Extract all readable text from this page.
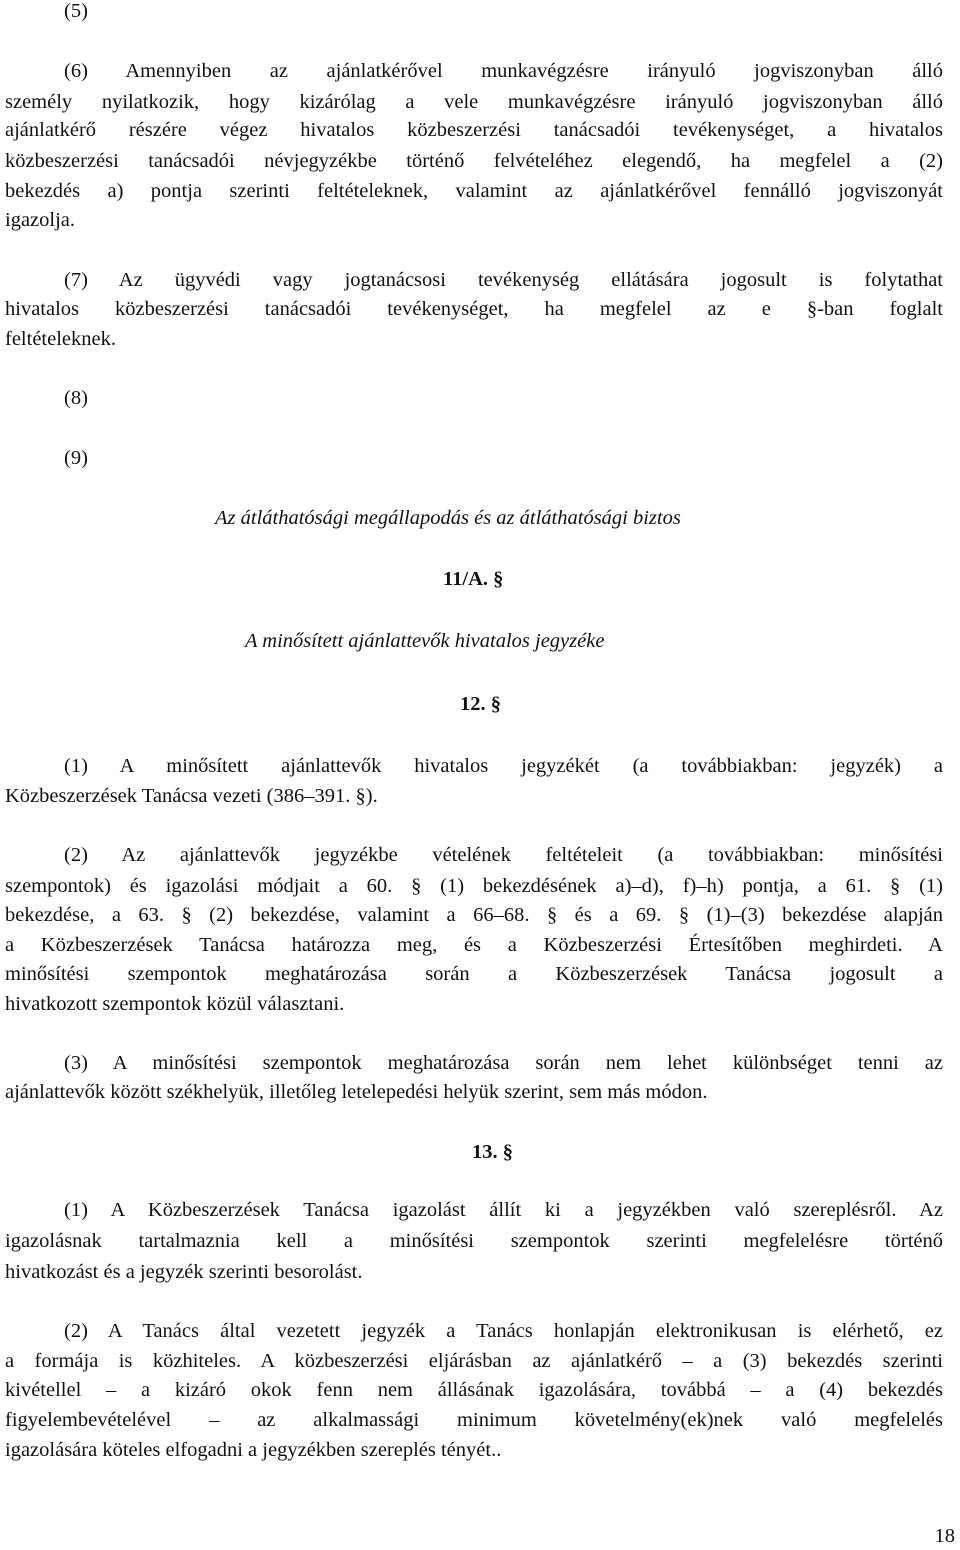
(5)
(6) Amennyiben az ajánlatkérővel munkavégzésre irányuló jogviszonyban álló
személy nyilatkozik, hogy kizárólag a vele munkavégzésre irányuló jogviszonyban álló
ajánlatkérő részére végez hivatalos közbeszerzési tanácsadói tevékenységet, a hivatalos
közbeszerzési tanácsadói névjegyzékbe történő felvételéhez elegendő, ha megfelel a (2)
bekezdés a) pontja szerinti feltételeknek, valamint az ajánlatkérővel fennálló jogviszonyát
igazolja.
(7) Az ügyvédi vagy jogtanácsosi tevékenység ellátására jogosult is folytathat
hivatalos közbeszerzési tanácsadói tevékenységet, ha megfelel az e §-ban foglalt
feltételeknek.
(8)
(9)
Az átláthatósági megállapodás és az átláthatósági biztos
11/A. §
A minősített ajánlattevők hivatalos jegyzéke
12. §
(1) A minősített ajánlattevők hivatalos jegyzékét (a továbbiakban: jegyzék) a
Közbeszerzések Tanácsa vezeti (386–391. §).
(2) Az ajánlattevők jegyzékbe vételének feltételeit (a továbbiakban: minősítési
szempontok) és igazolási módjait a 60. § (1) bekezdésének a)–d), f)–h) pontja, a 61. § (1)
bekezdése, a 63. § (2) bekezdése, valamint a 66–68. § és a 69. § (1)–(3) bekezdése alapján
a Közbeszerzések Tanácsa határozza meg, és a Közbeszerzési Értesítőben meghirdeti. A
minősítési szempontok meghatározása során a Közbeszerzések Tanácsa jogosult a
hivatkozott szempontok közül választani.
(3) A minősítési szempontok meghatározása során nem lehet különbséget tenni az
ajánlattevők között székhelyük, illetőleg letelepedési helyük szerint, sem más módon.
13. §
(1) A Közbeszerzések Tanácsa igazolást állít ki a jegyzékben való szereplésről. Az
igazolásnak tartalmaznia kell a minősítési szempontok szerinti megfelelésre történő
hivatkozást és a jegyzék szerinti besorolást.
(2) A Tanács által vezetett jegyzék a Tanács honlapján elektronikusan is elérhető, ez
a formája is közhiteles. A közbeszerzési eljárásban az ajánlatkérő – a (3) bekezdés szerinti
kivétellel – a kizáró okok fenn nem állásának igazolására, továbbá – a (4) bekezdés
figyelembevételével – az alkalmassági minimum követelmény(ek)nek való megfelelés
igazolására köteles elfogadni a jegyzékben szereplés tényét..
18
